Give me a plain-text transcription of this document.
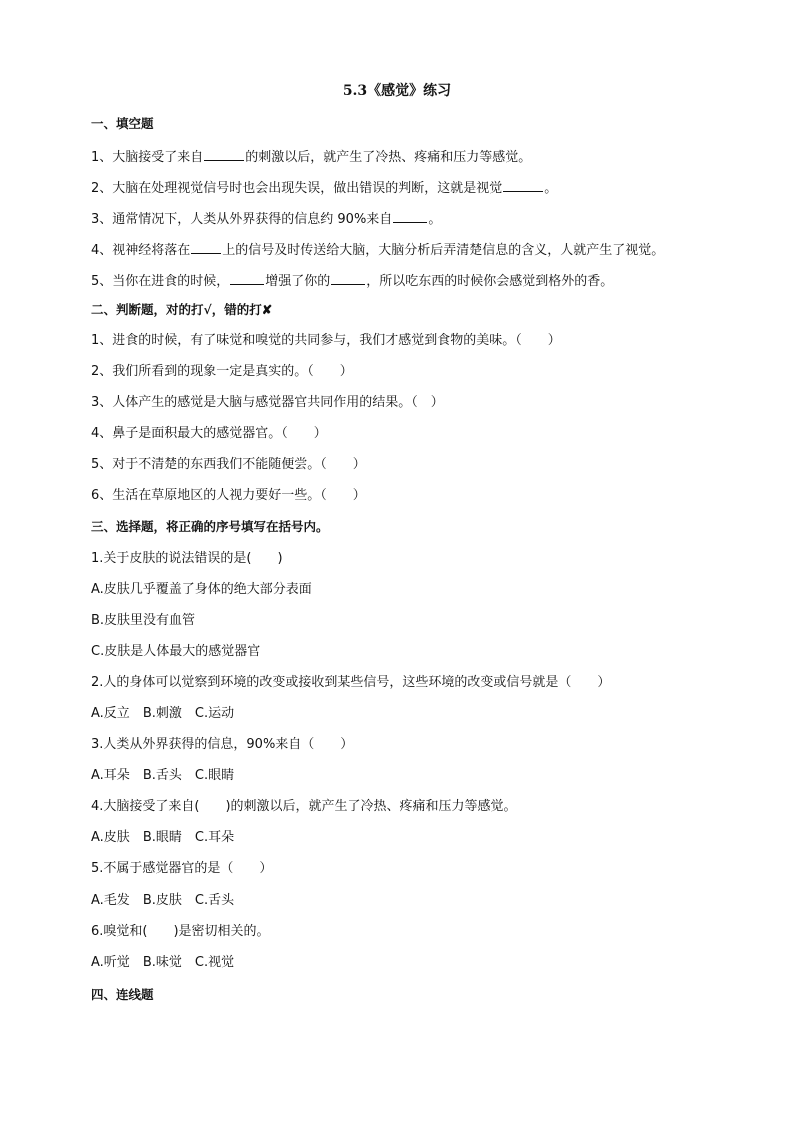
5.3《感觉》练习
一、填空题
1、大脑接受了来自	的刺激以后，就产生了冷热、疼痛和压力等感觉。
2、大脑在处理视觉信号时也会出现失误，做出错误的判断，这就是视觉	。
3、通常情况下，人类从外界获得的信息约 90%来自	。
4、视神经将落在 上的信号及时传送给大脑，大脑分析后弄清楚信息的含义，人就产生了视觉。
5、当你在进食的时候，	增强了你的	，所以吃东西的时候你会感觉到格外的香。
二、判断题，对的打√，错的打✘
1、进食的时候，有了味觉和嗅觉的共同参与，我们才感觉到食物的美味。（　　）
2、我们所看到的现象一定是真实的。（　　）
3、人体产生的感觉是大脑与感觉器官共同作用的结果。（　）
4、鼻子是面积最大的感觉器官。（　　）
5、对于不清楚的东西我们不能随便尝。（　　）
6、生活在草原地区的人视力要好一些。（　　）
三、选择题，将正确的序号填写在括号内。
1.关于皮肤的说法错误的是(　　)
A.皮肤几乎覆盖了身体的绝大部分表面
B.皮肤里没有血管
C.皮肤是人体最大的感觉器官
2.人的身体可以觉察到环境的改变或接收到某些信号，这些环境的改变或信号就是（　　）
A.反立 B.刺激 C.运动
3.人类从外界获得的信息，90%来自（　　）
A.耳朵 B.舌头 C.眼睛
4.大脑接受了来自(　　)的刺激以后，就产生了冷热、疼痛和压力等感觉。
A.皮肤 B.眼睛 C.耳朵
5.不属于感觉器官的是（　　）
A.毛发 B.皮肤 C.舌头
6.嗅觉和(　　)是密切相关的。
A.听觉 B.味觉 C.视觉
四、连线题
